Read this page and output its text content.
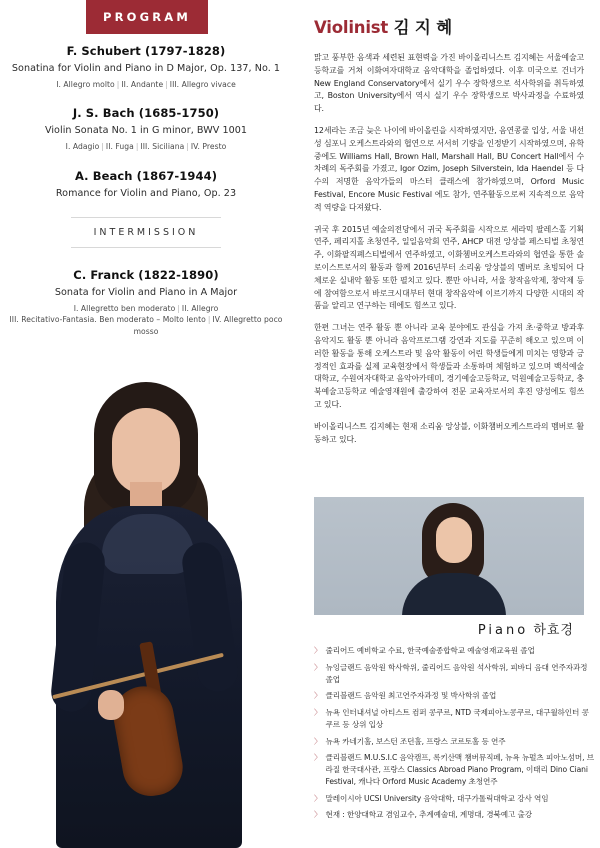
PROGRAM
F. Schubert (1797-1828)
Sonatina for Violin and Piano in D Major, Op. 137, No. 1
I. Allegro molto | II. Andante | III. Allegro vivace
J. S. Bach (1685-1750)
Violin Sonata No. 1 in G minor, BWV 1001
I. Adagio | II. Fuga | III. Siciliana | IV. Presto
A. Beach (1867-1944)
Romance for Violin and Piano, Op. 23
INTERMISSION
C. Franck (1822-1890)
Sonata for Violin and Piano in A Major
I. Allegretto ben moderato | II. Allegro
III. Recitativo-Fantasia. Ben moderato – Molto lento | IV. Allegretto poco mosso
Violinist 김 지 혜

맑고 풍부한 음색과 세련된 표현력을 가진 바이올리니스트 김지혜는 서울예술고등학교를 거쳐 이화여자대학교 음악대학을 졸업하였다. 이후 미국으로 건너가 New England Conservatory에서 실기 우수 장학생으로 석사학위를 취득하였고, Boston University에서 역시 실기 우수 장학생으로 박사과정을 수료하였다.

12세라는 조금 늦은 나이에 바이올린을 시작하였지만, 음연콩쿨 입상, 서울 내선성 심포니 오케스트라와의 협연으로 서서히 기량을 인정받기 시작하였으며, 유학 중에도 Williams Hall, Brown Hall, Marshall Hall, BU Concert Hall에서 수차례의 독주회를 가졌고, Igor Ozim, Joseph Silverstein, Ida Haendel 등 다수의 저명한 음악가들의 마스터 클래스에 참가하였으며, Orford Music Festival, Encore Music Festival 에도 참가, 연주활동으로써 지속적으로 음악적 역량을 다져왔다.

귀국 후 2015년 예술의전당에서 귀국 독주회를 시작으로 세라믹 팔레스홀 기획연주, 페리지홀 초청연주, 일일음악회 연주, AHCP 대전 앙상블 페스티벌 초청연주, 이화팔직폐스티벌에서 연주하였고, 이화쳄버오케스트라와의 협연을 통한 솔로이스트로서의 활동과 함께 2016년부터 소리움 앙상블의 멤버로 초빙되어 다체로운 실내악 활동 또한 펼치고 있다. 뿐만 아니라, 서울 창작음악제, 창악제 등에 참여함으로서 바로크시대부터 현대 창작음악에 이르기까지 다양한 시대의 작품을 알리고 연구하는 데에도 힘쓰고 있다.

한편 그녀는 연주 활동 뿐 아니라 교육 분야에도 관심을 가져 초·중학교 방과후 음악지도 활동 뿐 아니라 음악프로그램 강연과 지도를 꾸준히 해오고 있으며 이러한 활동을 통해 오케스트라 및 음악 활동이 어린 학생들에게 미치는 영향과 긍정적인 효과를 실제 교육현장에서 학생들과 소통하며 체험하고 있으며 백석예술대학교, 수원여자대학교 음악아카데미, 경기예술고등학교, 덕원예술고등학교, 충북예술고등학교 예술영재원에 출강하여 전문 교육자로서의 후진 양성에도 힘쓰고 있다.

바이올리니스트 김지혜는 현재 소리움 앙상블, 이화챔버오케스트라의 멤버로 활동하고 있다.

Piano 하효경
〉 줄리어드 예비학교 수료, 한국예술종합학교 예술영재교육원 졸업
〉 뉴잉글랜드 음악원 학사학위, 줄리어드 음악원 석사학위, 피바디 음대 연주자과정 졸업
〉 클리블랜드 음악원 최고연주자과정 및 박사학위 졸업
〉 뉴욕 인터내셔널 아티스트 컴퍼 콩쿠르, NTD 국제피아노콩쿠르, 대구월하인터 콩쿠르 등 상위 입상
〉 뉴욕 카네기홀, 보스턴 조던홀, 프랑스 코르토홀 등 연주
〉 클리블랜드 M.U.S.I.C 음악캠프, 록키산맥 챔버뮤직페, 뉴욕 뉴펄츠 피아노섬머, 브라질 한국대사관, 프랑스 Classics Abroad Piano Program, 이태리 Dino Ciani Festival, 캐나다 Orford Music Academy 초청연주
〉 말레이시아 UCSI University 음악대학, 대구가톨릭대학교 강사 역임
〉 현재 : 한양대학교 겸임교수, 추계예술대, 계명대, 경북예고 출강
